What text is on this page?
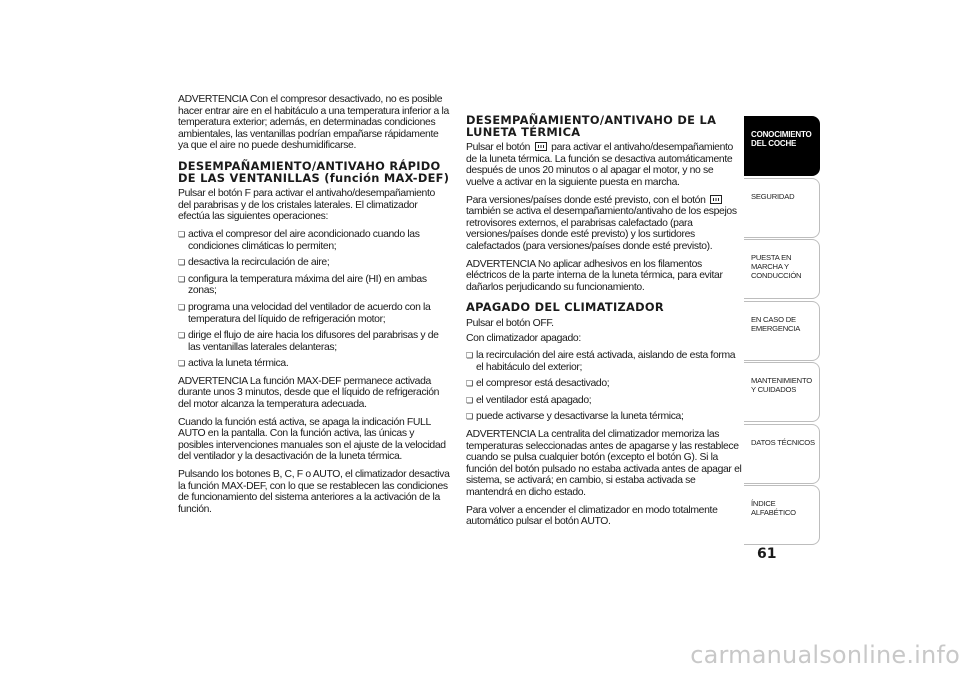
ADVERTENCIA Con el compresor desactivado, no es posible hacer entrar aire en el habitáculo a una temperatura inferior a la temperatura exterior; además, en determinadas condiciones ambientales, las ventanillas podrían empañarse rápidamente ya que el aire no puede deshumidificarse.

DESEMPAÑAMIENTO/ANTIVAHO RÁPIDO DE LAS VENTANILLAS (función MAX-DEF)

Pulsar el botón F para activar el antivaho/desempañamiento del parabrisas y de los cristales laterales. El climatizador efectúa las siguientes operaciones:

❏ activa el compresor del aire acondicionado cuando las condiciones climáticas lo permiten;
❏ desactiva la recirculación de aire;
❏ configura la temperatura máxima del aire (HI) en ambas zonas;
❏ programa una velocidad del ventilador de acuerdo con la temperatura del líquido de refrigeración motor;
❏ dirige el flujo de aire hacia los difusores del parabrisas y de las ventanillas laterales delanteras;
❏ activa la luneta térmica.

ADVERTENCIA La función MAX-DEF permanece activada durante unos 3 minutos, desde que el líquido de refrigeración del motor alcanza la temperatura adecuada.

Cuando la función está activa, se apaga la indicación FULL AUTO en la pantalla. Con la función activa, las únicas y posibles intervenciones manuales son el ajuste de la velocidad del ventilador y la desactivación de la luneta térmica.

Pulsando los botones B, C, F o AUTO, el climatizador desactiva la función MAX-DEF, con lo que se restablecen las condiciones de funcionamiento del sistema anteriores a la activación de la función.

DESEMPAÑAMIENTO/ANTIVAHO DE LA LUNETA TÉRMICA

Pulsar el botón para activar el antivaho/desempañamiento de la luneta térmica. La función se desactiva automáticamente después de unos 20 minutos o al apagar el motor, y no se vuelve a activar en la siguiente puesta en marcha.

Para versiones/países donde esté previsto, con el botón  también se activa el desempañamiento/antivaho de los espejos retrovisores externos, el parabrisas calefactado (para versiones/países donde esté previsto) y los surtidores calefactados (para versiones/países donde esté previsto).

ADVERTENCIA No aplicar adhesivos en los filamentos eléctricos de la parte interna de la luneta térmica, para evitar dañarlos perjudicando su funcionamiento.

APAGADO DEL CLIMATIZADOR

Pulsar el botón OFF.

Con climatizador apagado:

❏ la recirculación del aire está activada, aislando de esta forma el habitáculo del exterior;
❏ el compresor está desactivado;
❏ el ventilador está apagado;
❏ puede activarse y desactivarse la luneta térmica;

ADVERTENCIA La centralita del climatizador memoriza las temperaturas seleccionadas antes de apagarse y las restablece cuando se pulsa cualquier botón (excepto el botón G). Si la función del botón pulsado no estaba activada antes de apagar el sistema, se activará; en cambio, si estaba activada se mantendrá en dicho estado.

Para volver a encender el climatizador en modo totalmente automático pulsar el botón AUTO.

CONOCIMIENTO DEL COCHE
SEGURIDAD
PUESTA EN MARCHA Y CONDUCCIÓN
EN CASO DE EMERGENCIA
MANTENIMIENTO Y CUIDADOS
DATOS TÉCNICOS
ÍNDICE ALFABÉTICO
61
carmanualsonline.info
